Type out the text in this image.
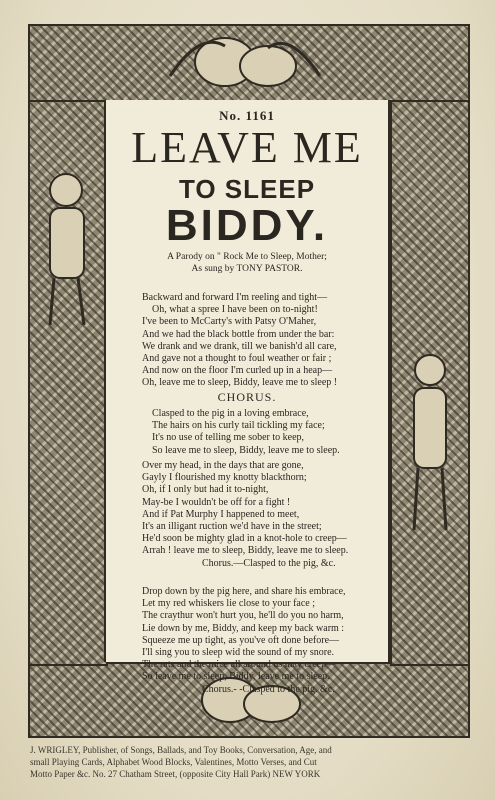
No. 1161
LEAVE ME
TO SLEEP
BIDDY.
A Parody on " Rock Me to Sleep, Mother;
As sung by TONY PASTOR.
Backward and forward I'm reeling and tight—
Oh, what a spree I have been on to-night!
I've been to McCarty's with Patsy O'Maher,
And we had the black bottle from under the bar:
We drank and we drank, till we banish'd all care,
And gave not a thought to foul weather or fair ;
And now on the floor I'm curled up in a heap—
Oh, leave me to sleep, Biddy, leave me to sleep !
CHORUS.
Clasped to the pig in a loving embrace,
The hairs on his curly tail tickling my face;
It's no use of telling me sober to keep,
So leave me to sleep, Biddy, leave me to sleep.
Over my head, in the days that are gone,
Gayly I flourished my knotty blackthorn;
Oh, if I only but had it to-night,
May-be I wouldn't be off for a fight !
And if Pat Murphy I happened to meet,
It's an illigant ruction we'd have in the street;
He'd soon be mighty glad in a knot-hole to creep—
Arrah ! leave me to sleep, Biddy, leave me to sleep.
Chorus.—Clasped to the pig, &c.
Drop down by the pig here, and share his embrace,
Let my red whiskers lie close to your face ;
The craythur won't hurt you, he'll do you no harm,
Lie down by me, Biddy, and keep my back warm :
Squeeze me up tight, as you've oft done before—
I'll sing you to sleep wid the sound of my snore.
The rats and the mice all around us may creep—
So leave me to sleep, Biddy, leave me to sleep.
Chorus.- -Clasped to the pig. &c.
J. WRIGLEY, Publisher, of Songs, Ballads, and Toy Books, Conversation, Age, and
small Playing Cards, Alphabet Wood Blocks, Valentines, Motto Verses, and Cut
Motto Paper &c. No. 27 Chatham Street, (opposite City Hall Park) NEW YORK
